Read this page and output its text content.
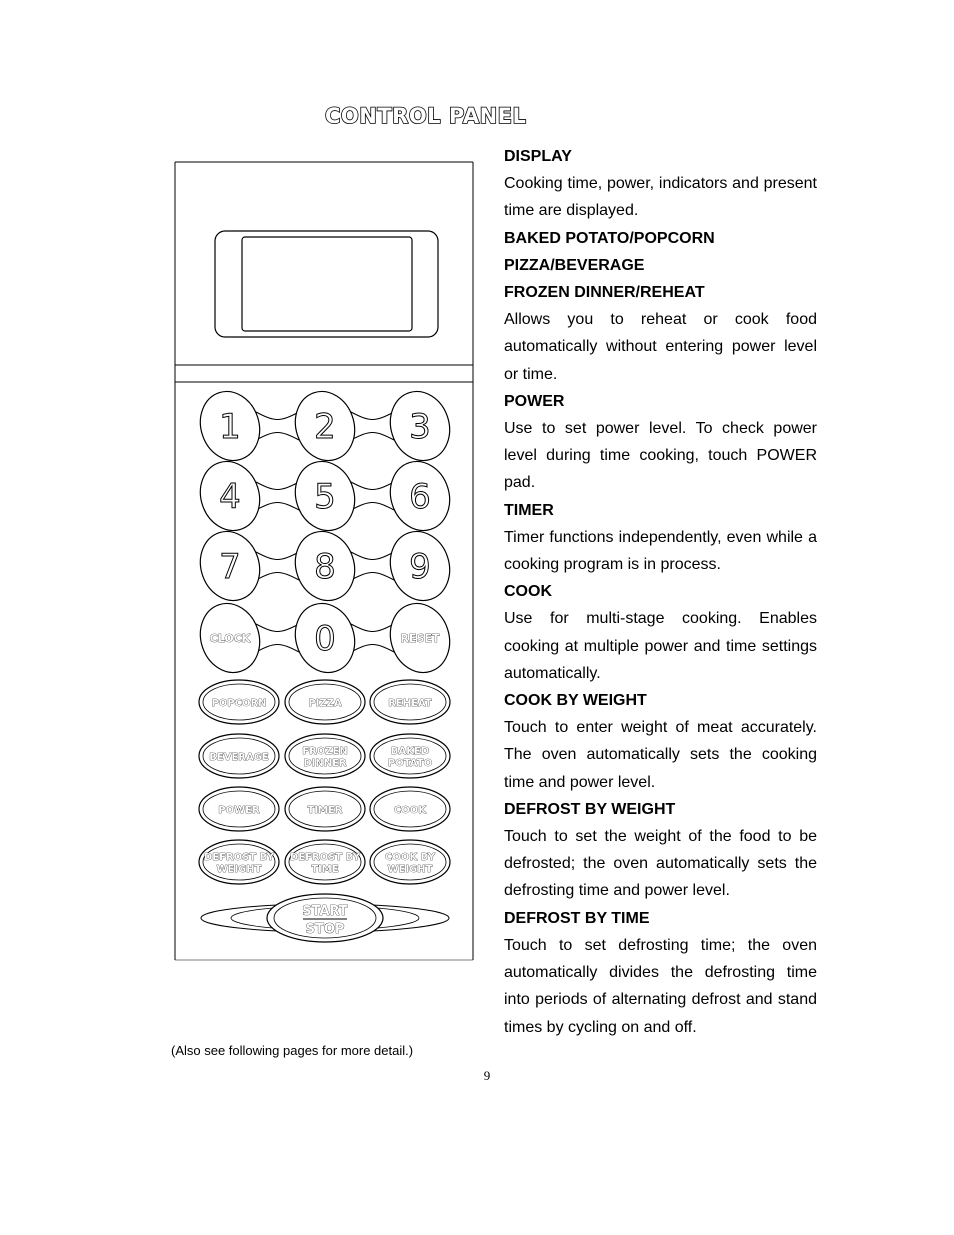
CONTROL PANEL
1 2 3
4 5 6
7 8 9
0
CLOCK	RESET
POPCORN	PIZZA	REHEAT
BEVERAGE
FROZEN
DINNER
BAKED
POTATO
POWER	TIMER	COOK
DEFROST BY
WEIGHT
DEFROST BY
TIME
COOK BY
WEIGHT
START
STOP

DISPLAY

Cooking time, power, indicators and present time are displayed.

BAKED POTATO/POPCORN

PIZZA/BEVERAGE

FROZEN DINNER/REHEAT

Allows you to reheat or cook food automatically without entering power level or time.

POWER

Use to set power level. To check power level during time cooking, touch POWER pad.

TIMER

Timer functions independently, even while a cooking program is in process.

COOK

Use for multi-stage cooking. Enables cooking at multiple power and time settings automatically.

COOK BY WEIGHT

Touch to enter weight of meat accurately. The oven automatically sets the cooking time and power level.

DEFROST BY WEIGHT

Touch to set the weight of the food to be defrosted; the oven automatically sets the defrosting time and power level.

DEFROST BY TIME

Touch to set defrosting time; the oven automatically divides the defrosting time into periods of alternating defrost and stand times by cycling on and off.

(Also see following pages for more detail.)
9
